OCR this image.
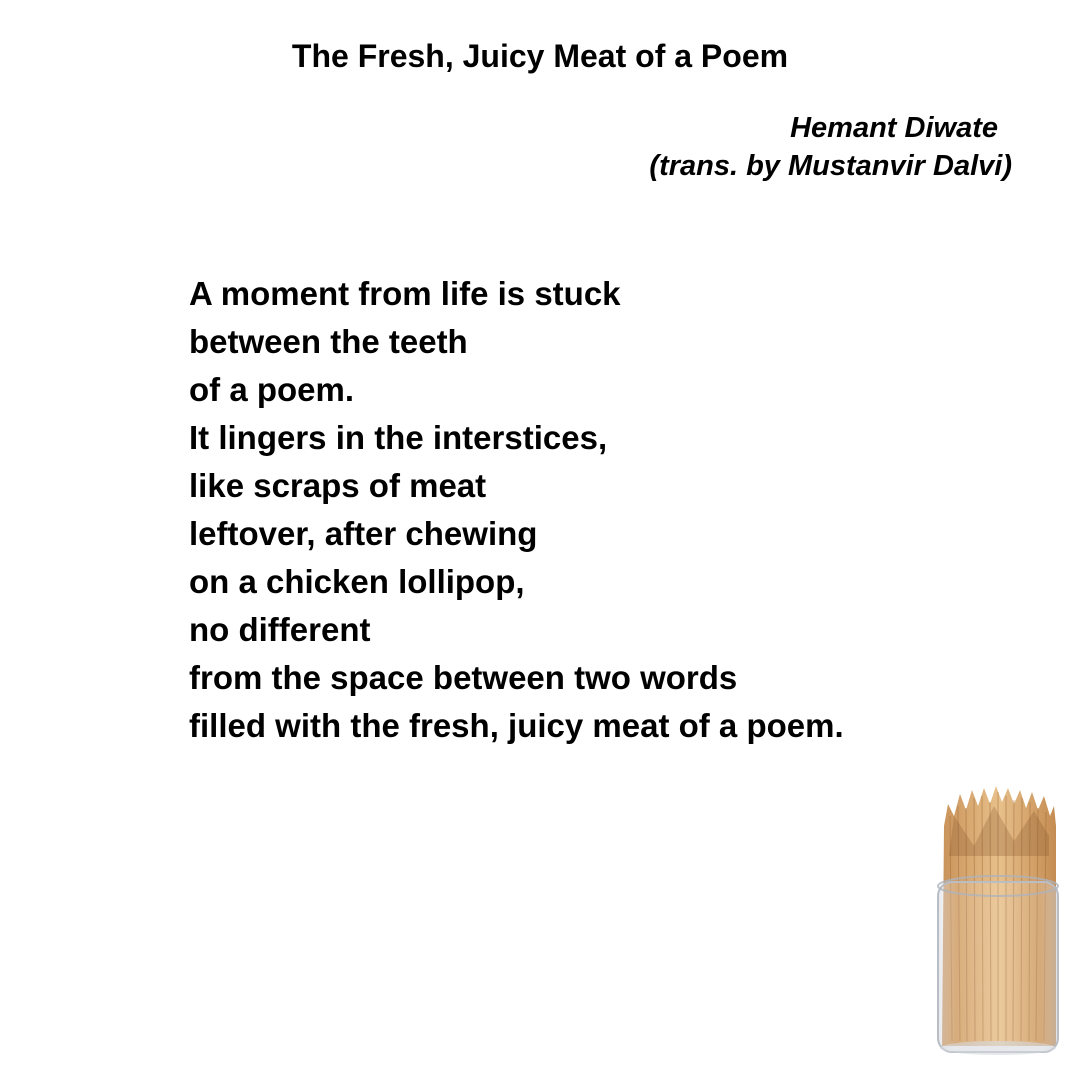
The Fresh, Juicy Meat of a Poem
Hemant Diwate
(trans. by Mustanvir Dalvi)
A moment from life is stuck
between the teeth
of a poem.
It lingers in the interstices,
like scraps of meat
leftover, after chewing
on a chicken lollipop,
no different
from the space between two words
filled with the fresh, juicy meat of a poem.
